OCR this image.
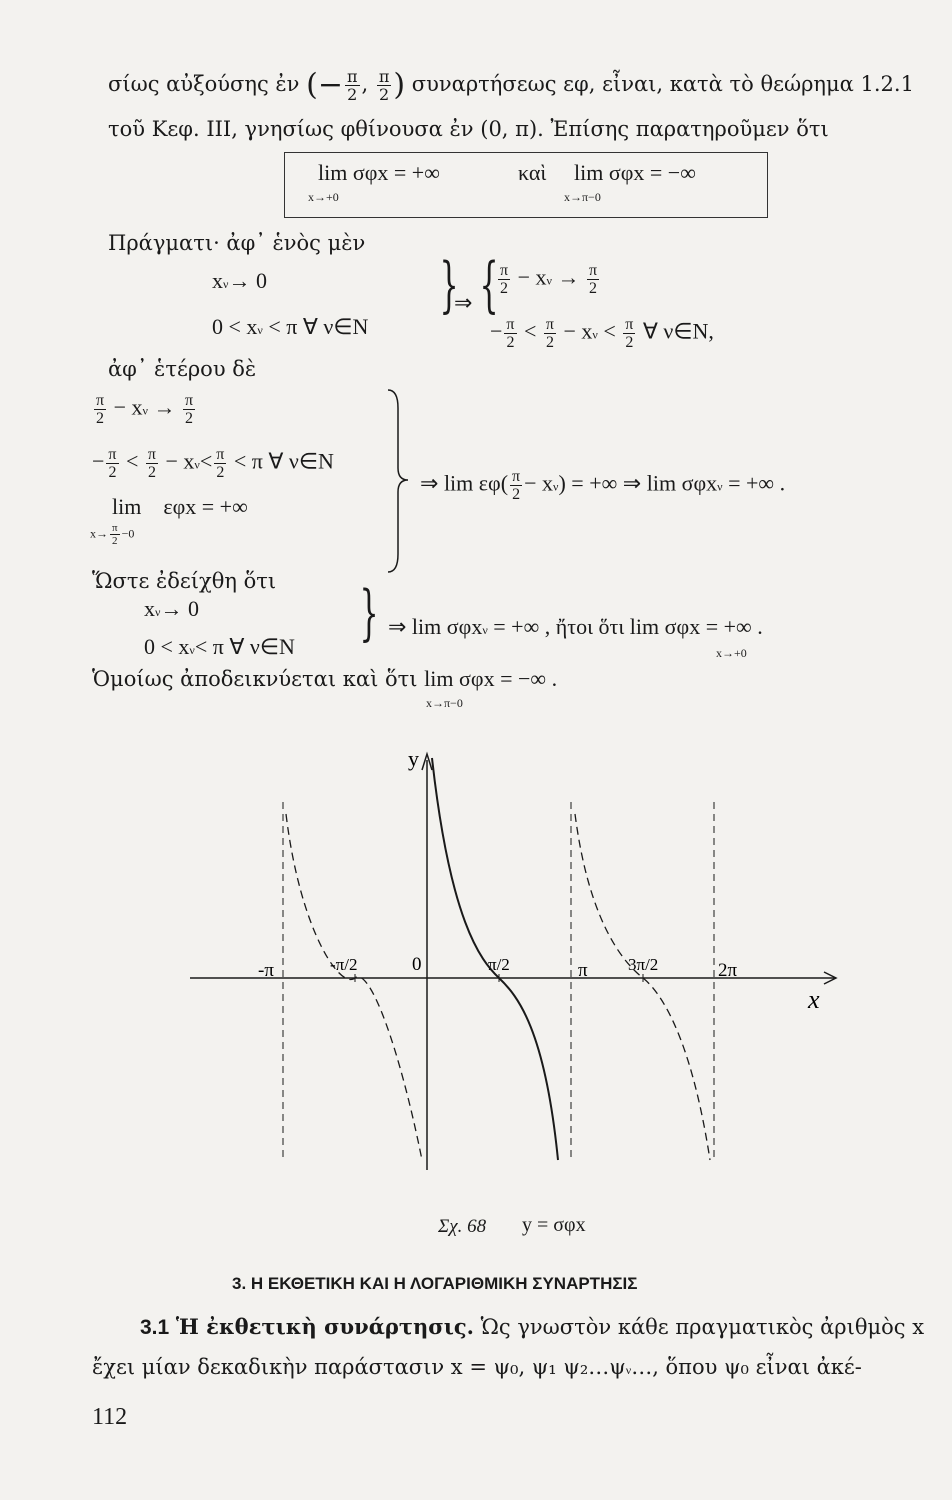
σίως αὐξούσης ἐν (− $\frac{\pi}{2}$ , $\frac{\pi}{2}$ ) συναρτήσεως εφ, εἶναι, κατὰ τὸ θεώρημα 1.2.1
τοῦ Κεφ. III, γνησίως φθίνουσα ἐν (0, π). Ἐπίσης παρατηροῦμεν ὅτι
lim σφx = +∞
x→+0
καὶ lim σφx = −∞
x→π−0
Πράγματι· ἀφ᾽ ἑνὸς μὲν
xν→ 0
0 < xν < π ∀ ν∈N
}
⇒ { $\frac{\pi}{2} - x\nu \to \frac{\pi}{2}$
− $\frac{\pi}{2} < \frac{\pi}{2} - x\nu < \frac{\pi}{2}$ ∀ ν∈N,
ἀφ᾽ ἑτέρου δὲ
$\frac{\pi}{2} - x\nu \to \frac{\pi}{2}$
− $\frac{\pi}{2} < \frac{\pi}{2} - x\nu< \frac{\pi}{2} < \pi$ ∀ ν∈N
lim εφx = +∞
$x\to \frac{\pi}{2} -0$
⇒ $\lim \varepsilon\varphi( \frac{\pi}{2} - x\nu)$ = +∞ ⇒ lim σφxν = +∞ .
Ὥστε ἐδείχθη ὅτι
xν→ 0
0 < xν< π ∀ ν∈N } ⇒ lim σφxν = +∞ , ἤτοι ὅτι lim σφx = +∞ .
x→+0
Ὁμοίως ἀποδεικνύεται καὶ ὅτι lim σφx = −∞ .
x→π−0
y
x
-π	-π/2	0	π/2	π 3π/2	2π
Σχ. 68 y = σφx
3. Η ΕΚΘΕΤΙΚΗ ΚΑΙ Η ΛΟΓΑΡΙΘΜΙΚΗ ΣΥΝΑΡΤΗΣΙΣ
3.1 Ἡ ἐκθετικὴ συνάρτησις. Ὡς γνωστὸν κάθε πραγματικὸς ἀριθμὸς x
ἔχει μίαν δεκαδικὴν παράστασιν x = ψ₀, ψ₁ ψ₂…ψν…, ὅπου ψ₀ εἶναι ἀκέ-
112
